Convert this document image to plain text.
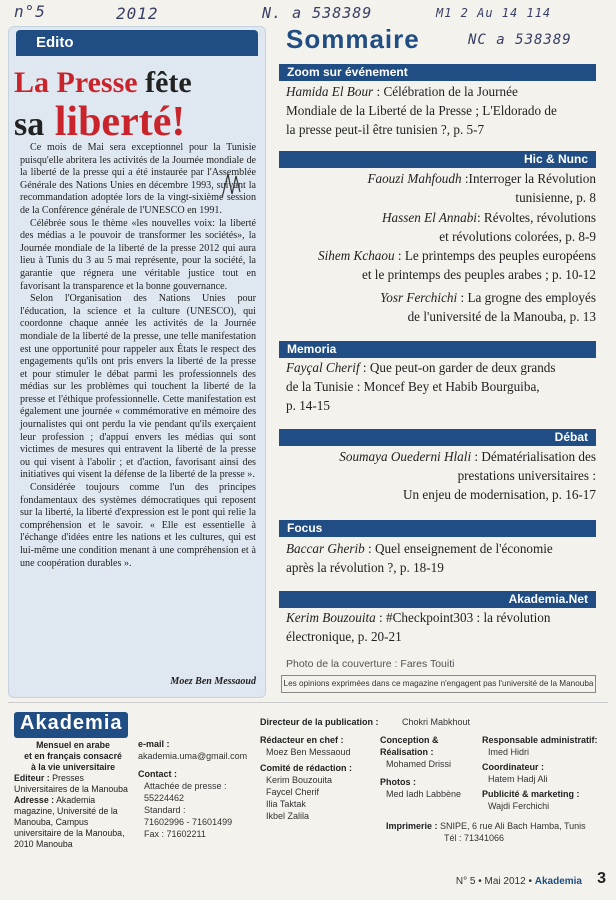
n°5	2012	N. a 538389	M1 2 Au 14 114
NC a 538389
Edito
La Presse fête
sa liberté!

Ce mois de Mai sera exceptionnel pour la Tunisie puisqu'elle abritera les activités de la Journée mondiale de la liberté de la presse qui a été instaurée par l'Assemblée Générale des Nations Unies en décembre 1993, suivant la recommandation adoptée lors de la vingt-sixième session de la Conférence générale de l'UNESCO en 1991.

Célébrée sous le thème «les nouvelles voix: la liberté des médias a le pouvoir de transformer les sociétés», la Journée mondiale de la liberté de la presse 2012 qui aura lieu à Tunis du 3 au 5 mai représente, pour la société, la garantie que régnera une véritable justice tout en favorisant la transparence et la bonne gouvernance.

Selon l'Organisation des Nations Unies pour l'éducation, la science et la culture (UNESCO), qui coordonne chaque année les activités de la Journée mondiale de la liberté de la presse, une telle manifestation est une opportunité pour rappeler aux États le respect des engagements qu'ils ont pris envers la liberté de la presse et pour stimuler le débat parmi les professionnels des médias sur les problèmes qui touchent la liberté de la presse et l'éthique professionnelle. Cette manifestation est également une journée « commémorative en mémoire des journalistes qui ont perdu la vie pendant qu'ils exerçaient leur profession ; d'appui envers les médias qui sont victimes de mesures qui entravent la liberté de la presse ou qui visent à l'abolir ; et d'action, favorisant ainsi des initiatives qui visent la défense de la liberté de la presse ».

Considérée toujours comme l'un des principes fondamentaux des systèmes démocratiques qui reposent sur la liberté, la liberté d'expression est le pont qui relie la compréhension et le savoir. « Elle est essentielle à l'échange d'idées entre les nations et les cultures, qui est lui-même une condition menant à une compréhension et à une coopération durables ».

Moez Ben Messaoud
Sommaire
Zoom sur événement
Hamida El Bour : Célébration de la Journée
Mondiale de la Liberté de la Presse ; L'Eldorado de
la presse peut-il être tunisien ?, p. 5-7
Hic & Nunc
Faouzi Mahfoudh :Interroger la Révolution
tunisienne, p. 8
Hassen El Annabi: Révoltes, révolutions
et révolutions colorées, p. 8-9
Sihem Kchaou : Le printemps des peuples européens
et le printemps des peuples arabes ; p. 10-12
Yosr Ferchichi : La grogne des employés
de l'université de la Manouba, p. 13
Memoria
Fayçal Cherif : Que peut-on garder de deux grands
de la Tunisie : Moncef Bey et Habib Bourguiba,
p. 14-15
Débat
Soumaya Ouederni Hlali : Dématérialisation des
prestations universitaires :
Un enjeu de modernisation, p. 16-17
Focus
Baccar Gherib : Quel enseignement de l'économie
après la révolution ?, p. 18-19
Akademia.Net
Kerim Bouzouita : #Checkpoint303 : la révolution
électronique, p. 20-21
Photo de la couverture : Fares Touiti
Les opinions exprimées dans ce magazine n'engagent pas l'université de la Manouba
Akademia
Mensuel en arabe
et en français consacré
à la vie universitaire
Editeur : Presses Universitaires de la Manouba
Adresse : Akademia magazine, Université de la Manouba, Campus universitaire de la Manouba, 2010 Manouba
e-mail :
akademia.uma@gmail.com
Contact :
Attachée de presse :
55224462
Standard :
71602996 - 71601499
Fax : 71602211
Directeur de la publication :	Chokri Mabkhout
Rédacteur en chef :
Moez Ben Messaoud
Comité de rédaction :
Kerim Bouzouita
Faycel Cherif
Ilia Taktak
Ikbel Zalila
Conception & Réalisation :
Mohamed Drissi
Photos :
Med Iadh Labbène
Responsable administratif:
Imed Hidri
Coordinateur :
Hatem Hadj Ali
Publicité & marketing :
Wajdi Ferchichi
Imprimerie : SNIPE, 6 rue Ali Bach Hamba, Tunis
Tél : 71341066
N° 5 • Mai 2012 • Akademia 3
